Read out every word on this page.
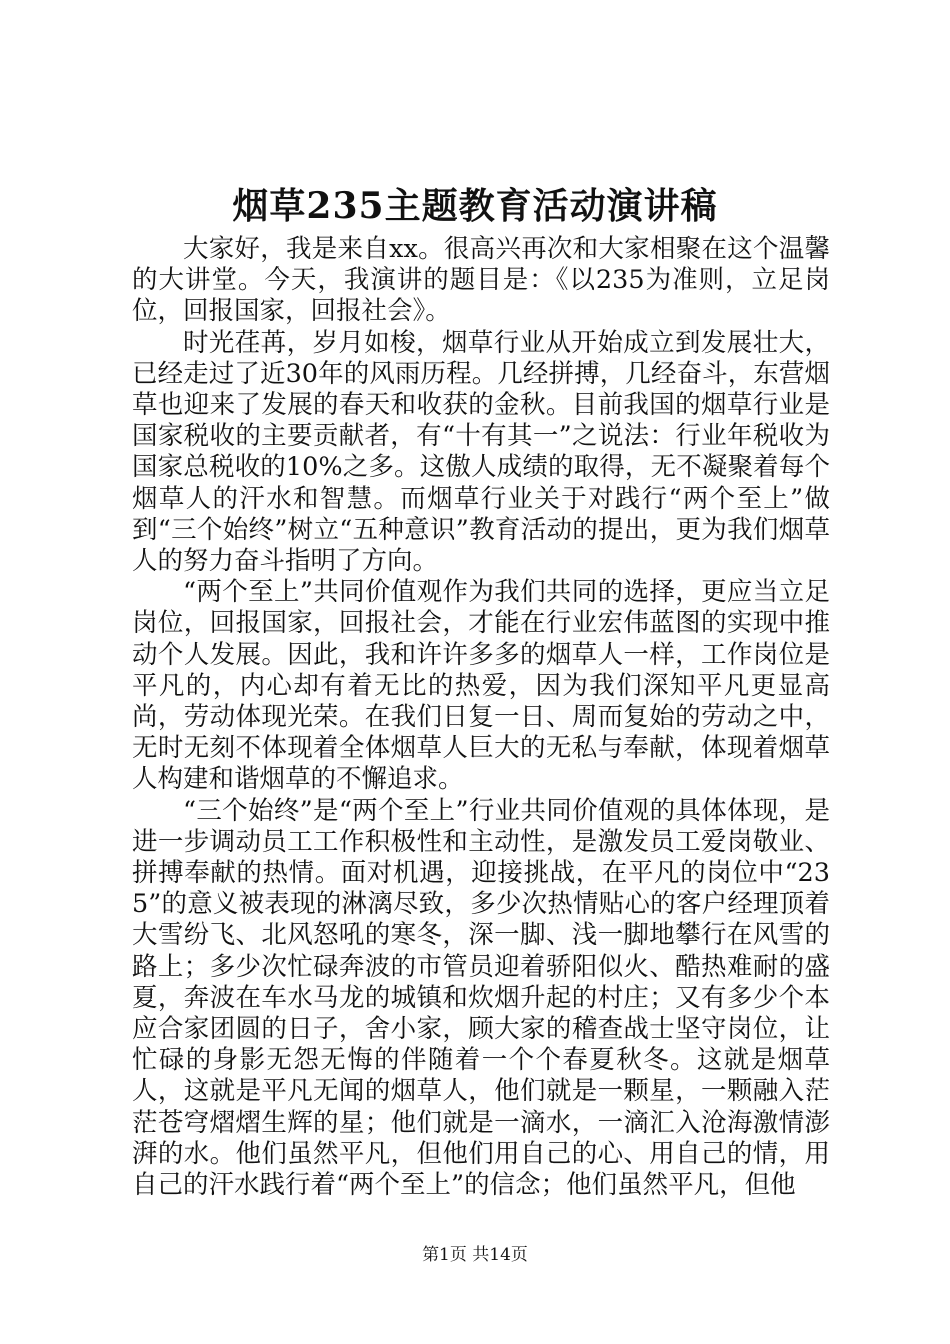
烟草235主题教育活动演讲稿

大家好，我是来自xx。很高兴再次和大家相聚在这个温馨的大讲堂。今天，我演讲的题目是：《以235为准则，立足岗位，回报国家，回报社会》。

时光荏苒，岁月如梭，烟草行业从开始成立到发展壮大，已经走过了近30年的风雨历程。几经拼搏，几经奋斗，东营烟草也迎来了发展的春天和收获的金秋。目前我国的烟草行业是国家税收的主要贡献者，有“十有其一”之说法：行业年税收为国家总税收的10%之多。这傲人成绩的取得，无不凝聚着每个烟草人的汗水和智慧。而烟草行业关于对践行“两个至上”做到“三个始终”树立“五种意识”教育活动的提出，更为我们烟草人的努力奋斗指明了方向。

“两个至上”共同价值观作为我们共同的选择，更应当立足岗位，回报国家，回报社会，才能在行业宏伟蓝图的实现中推动个人发展。因此，我和许许多多的烟草人一样，工作岗位是平凡的，内心却有着无比的热爱，因为我们深知平凡更显高尚，劳动体现光荣。在我们日复一日、周而复始的劳动之中，无时无刻不体现着全体烟草人巨大的无私与奉献，体现着烟草人构建和谐烟草的不懈追求。

“三个始终”是“两个至上”行业共同价值观的具体体现，是进一步调动员工工作积极性和主动性，是激发员工爱岗敬业、拼搏奉献的热情。面对机遇，迎接挑战，在平凡的岗位中“235”的意义被表现的淋漓尽致，多少次热情贴心的客户经理顶着大雪纷飞、北风怒吼的寒冬，深一脚、浅一脚地攀行在风雪的路上；多少次忙碌奔波的市管员迎着骄阳似火、酷热难耐的盛夏，奔波在车水马龙的城镇和炊烟升起的村庄；又有多少个本应合家团圆的日子，舍小家，顾大家的稽查战士坚守岗位，让忙碌的身影无怨无悔的伴随着一个个春夏秋冬。这就是烟草人，这就是平凡无闻的烟草人，他们就是一颗星，一颗融入茫茫苍穹熠熠生辉的星；他们就是一滴水，一滴汇入沧海激情澎湃的水。他们虽然平凡，但他们用自己的心、用自己的情，用自己的汗水践行着“两个至上”的信念；他们虽然平凡，但他

第1页 共14页
